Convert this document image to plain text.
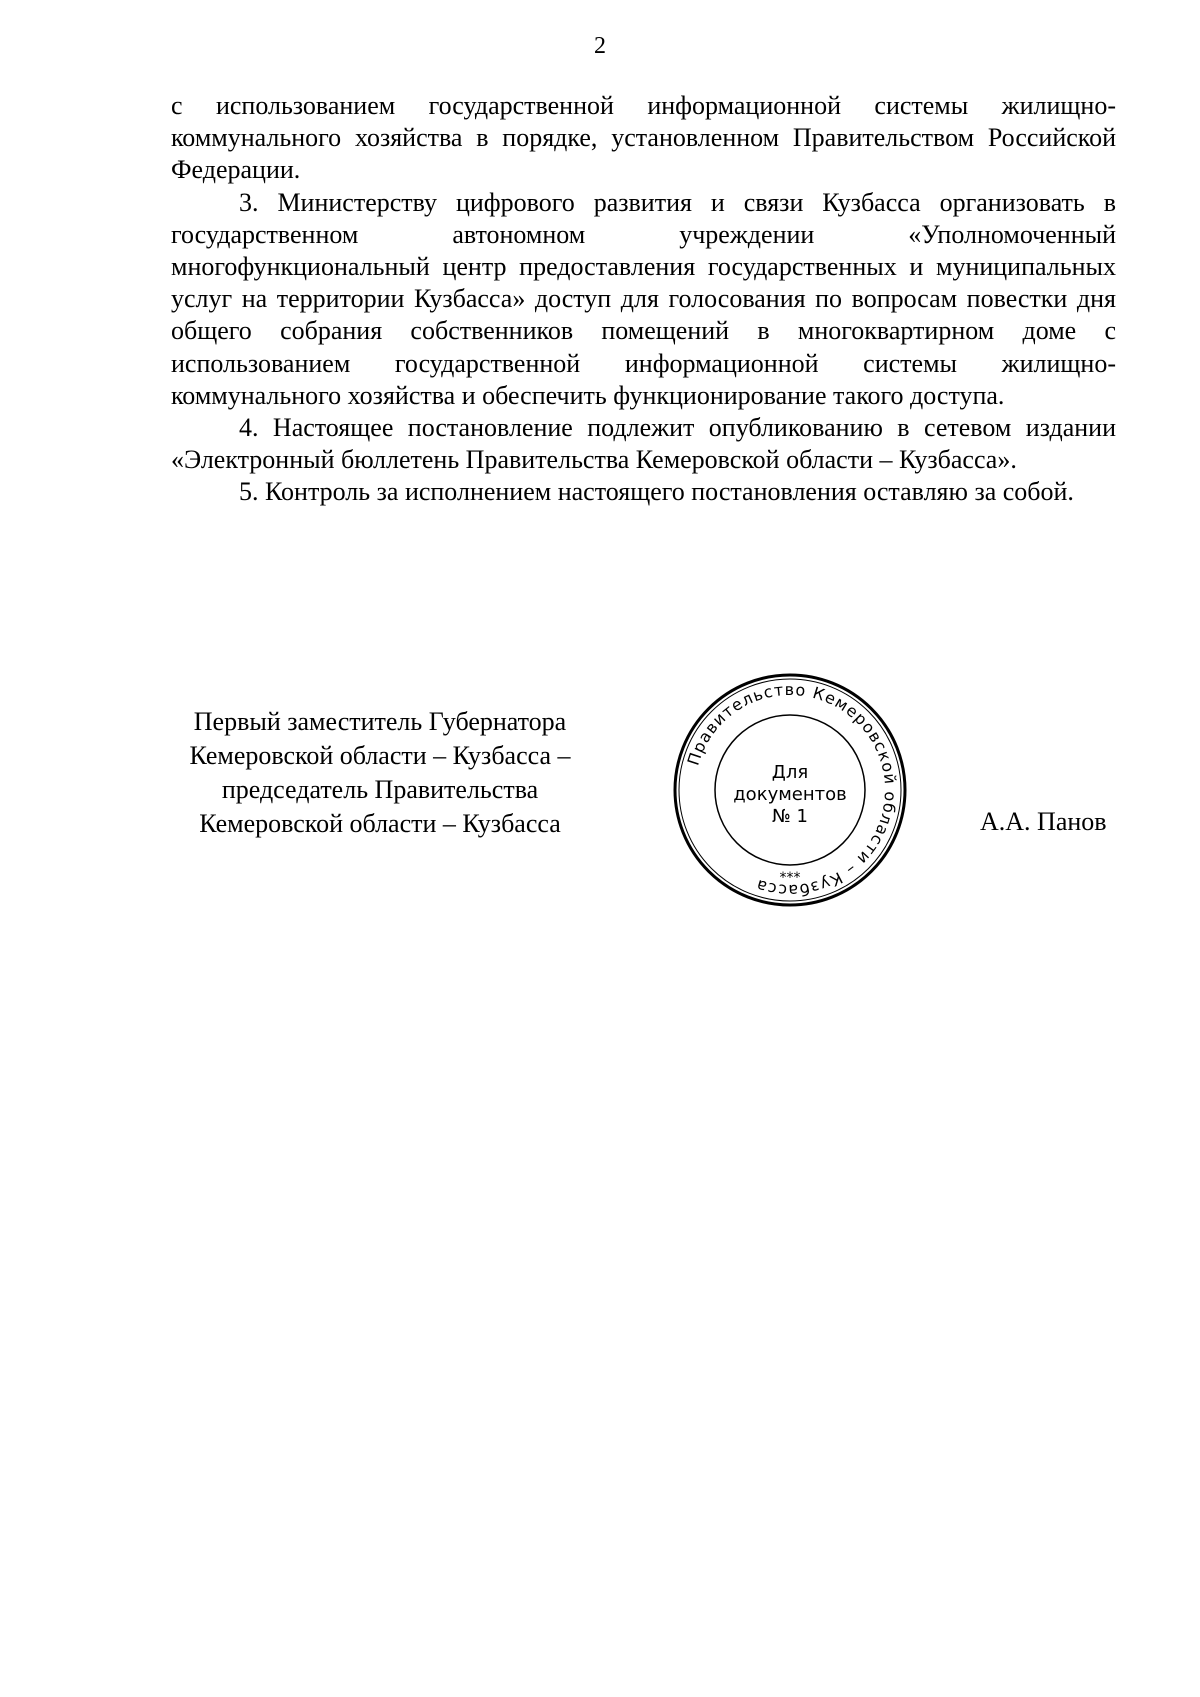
2

с использованием государственной информационной системы жилищно-коммунального хозяйства в порядке, установленном Правительством Российской Федерации.

3. Министерству цифрового развития и связи Кузбасса организовать в государственном автономном учреждении «Уполномоченный многофункциональный центр предоставления государственных и муниципальных услуг на территории Кузбасса» доступ для голосования по вопросам повестки дня общего собрания собственников помещений в многоквартирном доме с использованием государственной информационной системы жилищно-коммунального хозяйства и обеспечить функционирование такого доступа.

4. Настоящее постановление подлежит опубликованию в сетевом издании «Электронный бюллетень Правительства Кемеровской области – Кузбасса».

5. Контроль за исполнением настоящего постановления оставляю за собой.

Первый заместитель Губернатора
Кемеровской области – Кузбасса –
председатель Правительства
Кемеровской области – Кузбасса
Правительство Кемеровской области – Кузбасса
Для
документов
№ 1
***
А.А. Панов
